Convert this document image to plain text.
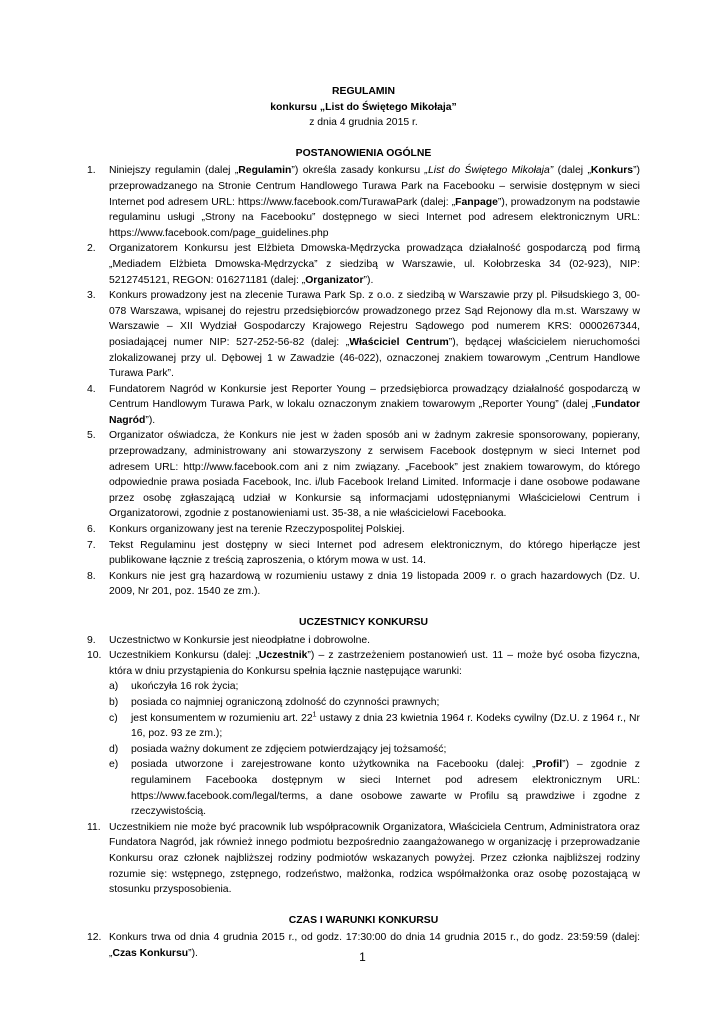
REGULAMIN
konkursu „List do Świętego Mikołaja”
z dnia 4 grudnia 2015 r.
POSTANOWIENIA OGÓLNE
1. Niniejszy regulamin (dalej „Regulamin”) określa zasady konkursu „List do Świętego Mikołaja” (dalej „Konkurs”) przeprowadzanego na Stronie Centrum Handlowego Turawa Park na Facebooku – serwisie dostępnym w sieci Internet pod adresem URL: https://www.facebook.com/TurawaPark (dalej: „Fanpage”), prowadzonym na podstawie regulaminu usługi „Strony na Facebooku” dostępnego w sieci Internet pod adresem elektronicznym URL: https://www.facebook.com/page_guidelines.php
2. Organizatorem Konkursu jest Elżbieta Dmowska-Mędrzycka prowadząca działalność gospodarczą pod firmą „Mediadem Elżbieta Dmowska-Mędrzycka” z siedzibą w Warszawie, ul. Kołobrzeska 34 (02-923), NIP: 5212745121, REGON: 016271181 (dalej: „Organizator”).
3. Konkurs prowadzony jest na zlecenie Turawa Park Sp. z o.o. z siedzibą w Warszawie przy pl. Piłsudskiego 3, 00-078 Warszawa, wpisanej do rejestru przedsiębiorców prowadzonego przez Sąd Rejonowy dla m.st. Warszawy w Warszawie – XII Wydział Gospodarczy Krajowego Rejestru Sądowego pod numerem KRS: 0000267344, posiadającej numer NIP: 527-252-56-82 (dalej: „Właściciel Centrum”), będącej właścicielem nieruchomości zlokalizowanej przy ul. Dębowej 1 w Zawadzie (46-022), oznaczonej znakiem towarowym „Centrum Handlowe Turawa Park”.
4. Fundatorem Nagród w Konkursie jest Reporter Young – przedsiębiorca prowadzący działalność gospodarczą w Centrum Handlowym Turawa Park, w lokalu oznaczonym znakiem towarowym „Reporter Young” (dalej „Fundator Nagród”).
5. Organizator oświadcza, że Konkurs nie jest w żaden sposób ani w żadnym zakresie sponsorowany, popierany, przeprowadzany, administrowany ani stowarzyszony z serwisem Facebook dostępnym w sieci Internet pod adresem URL: http://www.facebook.com ani z nim związany. „Facebook” jest znakiem towarowym, do którego odpowiednie prawa posiada Facebook, Inc. i/lub Facebook Ireland Limited. Informacje i dane osobowe podawane przez osobę zgłaszającą udział w Konkursie są informacjami udostępnianymi Właścicielowi Centrum i Organizatorowi, zgodnie z postanowieniami ust. 35-38, a nie właścicielowi Facebooka.
6. Konkurs organizowany jest na terenie Rzeczypospolitej Polskiej.
7. Tekst Regulaminu jest dostępny w sieci Internet pod adresem elektronicznym, do którego hiperłącze jest publikowane łącznie z treścią zaproszenia, o którym mowa w ust. 14.
8. Konkurs nie jest grą hazardową w rozumieniu ustawy z dnia 19 listopada 2009 r. o grach hazardowych (Dz. U. 2009, Nr 201, poz. 1540 ze zm.).
UCZESTNICY KONKURSU
9. Uczestnictwo w Konkursie jest nieodpłatne i dobrowolne.
10. Uczestnikiem Konkursu (dalej: „Uczestnik”) – z zastrzeżeniem postanowień ust. 11 – może być osoba fizyczna, która w dniu przystąpienia do Konkursu spełnia łącznie następujące warunki:
a) ukończyła 16 rok życia;
b) posiada co najmniej ograniczoną zdolność do czynności prawnych;
c) jest konsumentem w rozumieniu art. $22^1$ ustawy z dnia 23 kwietnia 1964 r. Kodeks cywilny (Dz.U. z 1964 r., Nr 16, poz. 93 ze zm.);
d) posiada ważny dokument ze zdjęciem potwierdzający jej tożsamość;
e) posiada utworzone i zarejestrowane konto użytkownika na Facebooku (dalej: „Profil”) – zgodnie z regulaminem Facebooka dostępnym w sieci Internet pod adresem elektronicznym URL: https://www.facebook.com/legal/terms, a dane osobowe zawarte w Profilu są prawdziwe i zgodne z rzeczywistością.
11. Uczestnikiem nie może być pracownik lub współpracownik Organizatora, Właściciela Centrum, Administratora oraz Fundatora Nagród, jak również innego podmiotu bezpośrednio zaangażowanego w organizację i przeprowadzanie Konkursu oraz członek najbliższej rodziny podmiotów wskazanych powyżej. Przez członka najbliższej rodziny rozumie się: wstępnego, zstępnego, rodzeństwo, małżonka, rodzica współmałżonka oraz osobę pozostającą w stosunku przysposobienia.
CZAS I WARUNKI KONKURSU
12. Konkurs trwa od dnia 4 grudnia 2015 r., od godz. 17:30:00 do dnia 14 grudnia 2015 r., do godz. 23:59:59 (dalej: „Czas Konkursu”).	1
